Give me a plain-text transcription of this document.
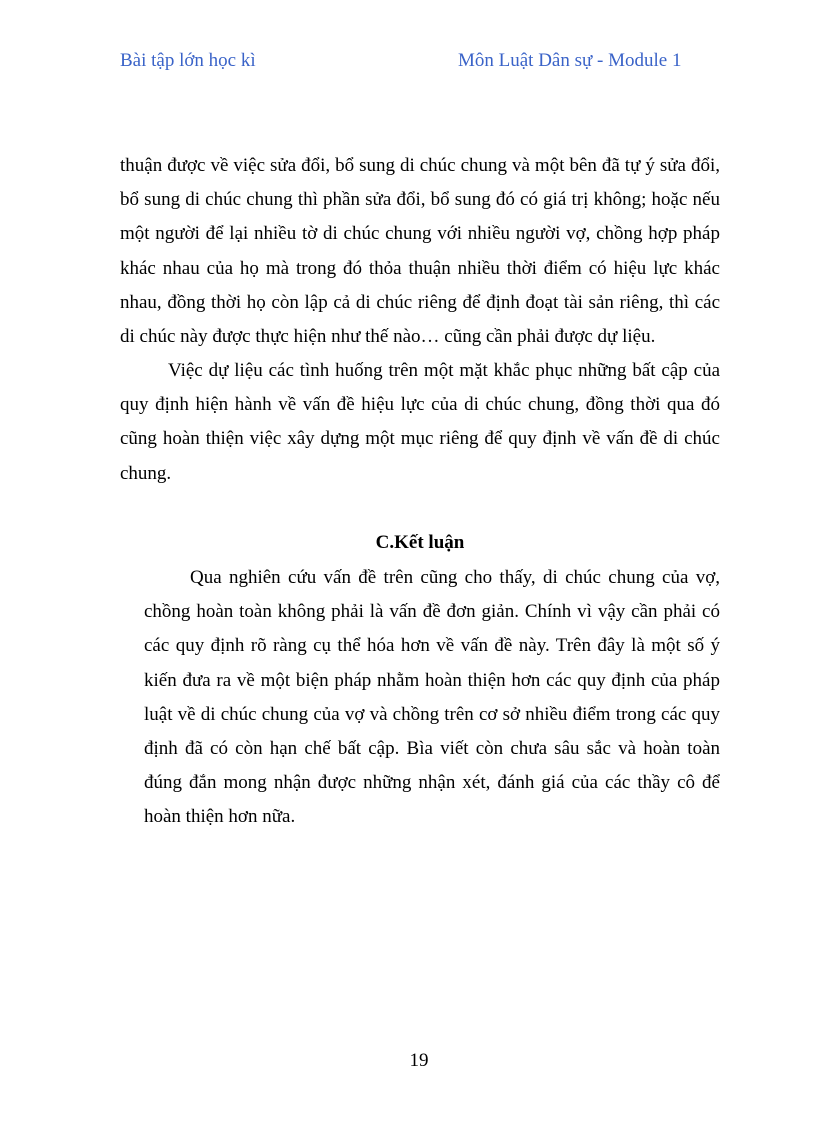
Bài tập lớn học kì	Môn Luật Dân sự - Module 1

thuận được về việc sửa đổi, bổ sung di chúc chung và một bên đã tự ý sửa đổi, bổ sung di chúc chung thì phần sửa đổi, bổ sung đó có giá trị không; hoặc nếu một người để lại nhiều tờ di chúc chung với nhiều người vợ, chồng hợp pháp khác nhau của họ mà trong đó thỏa thuận nhiều thời điểm có hiệu lực khác nhau, đồng thời họ còn lập cả di chúc riêng để định đoạt tài sản riêng, thì các di chúc này được thực hiện như thế nào… cũng cần phải được dự liệu.

Việc dự liệu các tình huống trên một mặt khắc phục những bất cập của quy định hiện hành về vấn đề hiệu lực của di chúc chung, đồng thời qua đó cũng hoàn thiện việc xây dựng một mục riêng để quy định về vấn đề di chúc chung.

C.Kết luận

Qua nghiên cứu vấn đề trên cũng cho thấy, di chúc chung của vợ, chồng hoàn toàn không phải là vấn đề đơn giản. Chính vì vậy cần phải có các quy định rõ ràng cụ thể hóa hơn về vấn đề này. Trên đây là một số ý kiến đưa ra về một biện pháp nhằm hoàn thiện hơn các quy định của pháp luật về di chúc chung của vợ và chồng trên cơ sở nhiều điểm trong các quy định đã có còn hạn chế bất cập. Bìa viết còn chưa sâu sắc và hoàn toàn đúng đắn mong nhận được những nhận xét, đánh giá của các thầy cô để hoàn thiện hơn nữa.

19
